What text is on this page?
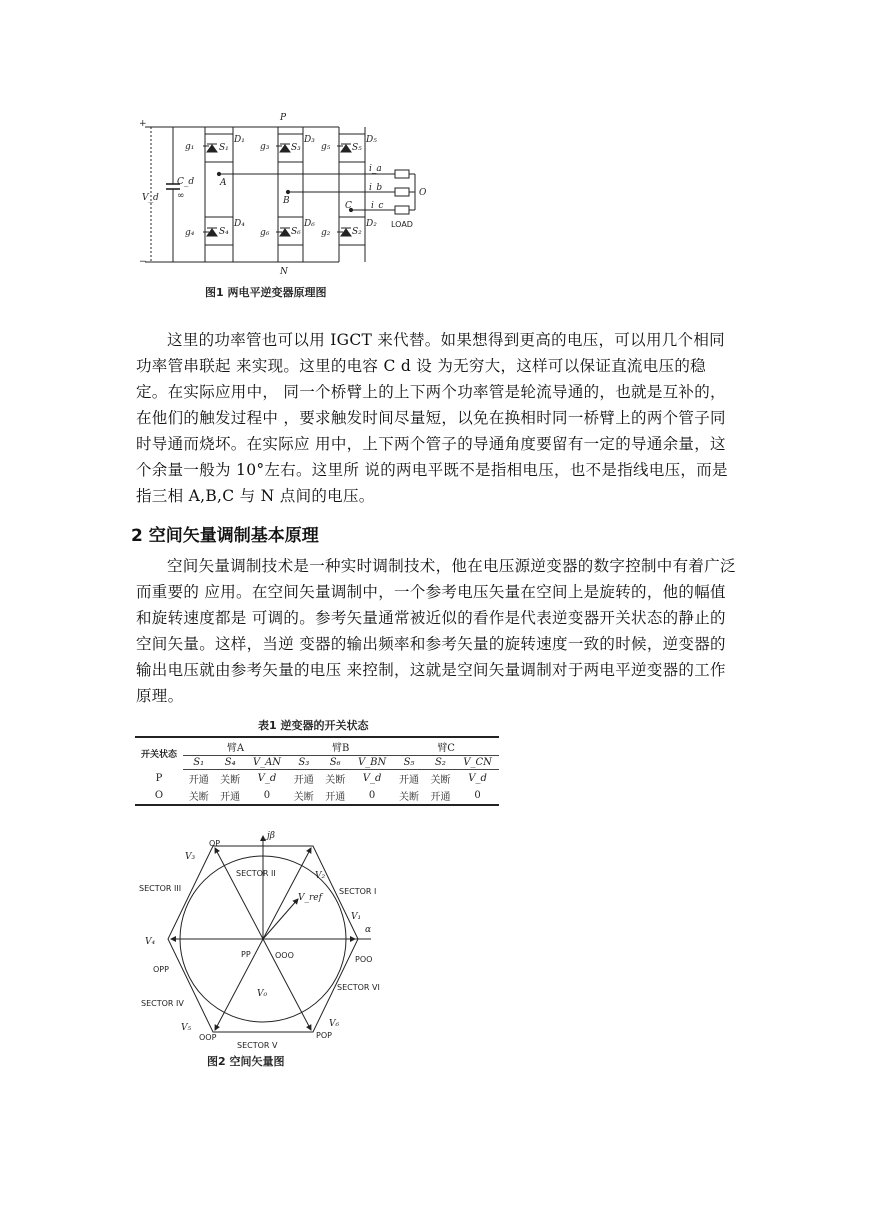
+
−
V_d
C_d
∞
P
N
A
B	C
O
i_a
i_b
i_c
LOAD
g₁	g₃	g₅
g₄	g₆	g₂
S₁	S₃	S₅
S₄	S₆	S₂
D₁	D₃	D₅
D₄	D₆	D₂
图1 两电平逆变器原理图

这里的功率管也可以用 IGCT 来代替。如果想得到更高的电压，可以用几个相同功率管串联起 来实现。这里的电容 C d 设 为无穷大，这样可以保证直流电压的稳定。在实际应用中， 同一个桥臂上的上下两个功率管是轮流导通的，也就是互补的，在他们的触发过程中 ，要求触发时间尽量短，以免在换相时同一桥臂上的两个管子同时导通而烧坏。在实际应 用中，上下两个管子的导通角度要留有一定的导通余量，这个余量一般为 10°左右。这里所 说的两电平既不是指相电压，也不是指线电压，而是指三相 A,B,C 与 N 点间的电压。

2 空间矢量调制基本原理

空间矢量调制技术是一种实时调制技术，他在电压源逆变器的数字控制中有着广泛而重要的 应用。在空间矢量调制中，一个参考电压矢量在空间上是旋转的，他的幅值和旋转速度都是 可调的。参考矢量通常被近似的看作是代表逆变器开关状态的静止的空间矢量。这样，当逆 变器的输出频率和参考矢量的旋转速度一致的时候，逆变器的输出电压就由参考矢量的电压 来控制，这就是空间矢量调制对于两电平逆变器的工作原理。

表1 逆变器的开关状态
开关状态	臂A			臂B			臂C		
	S₁	S₄	V_AN	S₃	S₆	V_BN	S₅	S₂	V_CN
P	开通	关断	V_d	开通	关断	V_d	开通	关断	V_d
O	关断	开通	0	关断	开通	0	关断	开通	0
jβ
α
V₁
V₂
V₃
V₄
V₅	V₆
V₀
V_ref
SECTOR I
SECTOR II
SECTOR III
SECTOR IV
SECTOR V
SECTOR VI
OP
OPP
OOP	POP
POO
PP	OOO
图2 空间矢量图
